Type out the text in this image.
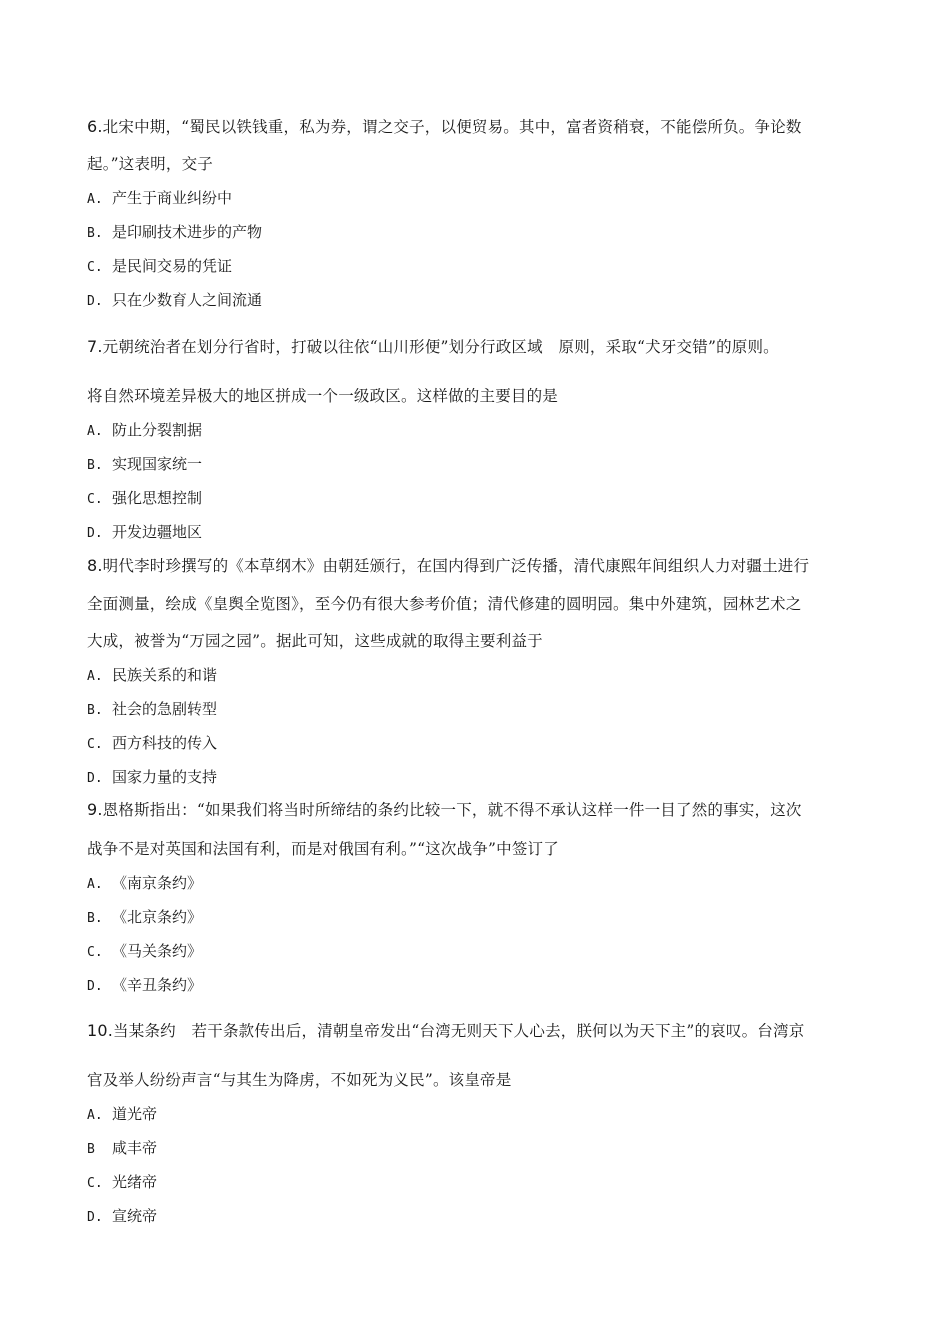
6.北宋中期，“蜀民以铁钱重，私为券，谓之交子，以便贸易。其中，富者资稍衰，不能偿所负。争论数
起。”这表明，交子
A. 产生于商业纠纷中
B. 是印刷技术进步的产物
C. 是民间交易的凭证
D. 只在少数育人之间流通
7.元朝统治者在划分行省时，打破以往依“山川形便”划分行政区域　原则，采取“犬牙交错”的原则。
将自然环境差异极大的地区拼成一个一级政区。这样做的主要目的是
A. 防止分裂割据
B. 实现国家统一
C. 强化思想控制
D. 开发边疆地区
8.明代李时珍撰写的《本草纲木》由朝廷颁行，在国内得到广泛传播，清代康熙年间组织人力对疆土进行
全面测量，绘成《皇舆全览图》，至今仍有很大参考价值；清代修建的圆明园。集中外建筑，园林艺术之
大成，被誉为“万园之园”。据此可知，这些成就的取得主要利益于
A. 民族关系的和谐
B. 社会的急剧转型
C. 西方科技的传入
D. 国家力量的支持
9.恩格斯指出：“如果我们将当时所缔结的条约比较一下，就不得不承认这样一件一目了然的事实，这次
战争不是对英国和法国有利，而是对俄国有利。”“这次战争”中签订了
A. 《南京条约》
B. 《北京条约》
C. 《马关条约》
D. 《辛丑条约》
10.当某条约　若干条款传出后，清朝皇帝发出“台湾无则天下人心去，朕何以为天下主”的哀叹。台湾京
官及举人纷纷声言“与其生为降虏，不如死为义民”。该皇帝是
A. 道光帝
B 咸丰帝
C. 光绪帝
D. 宣统帝
